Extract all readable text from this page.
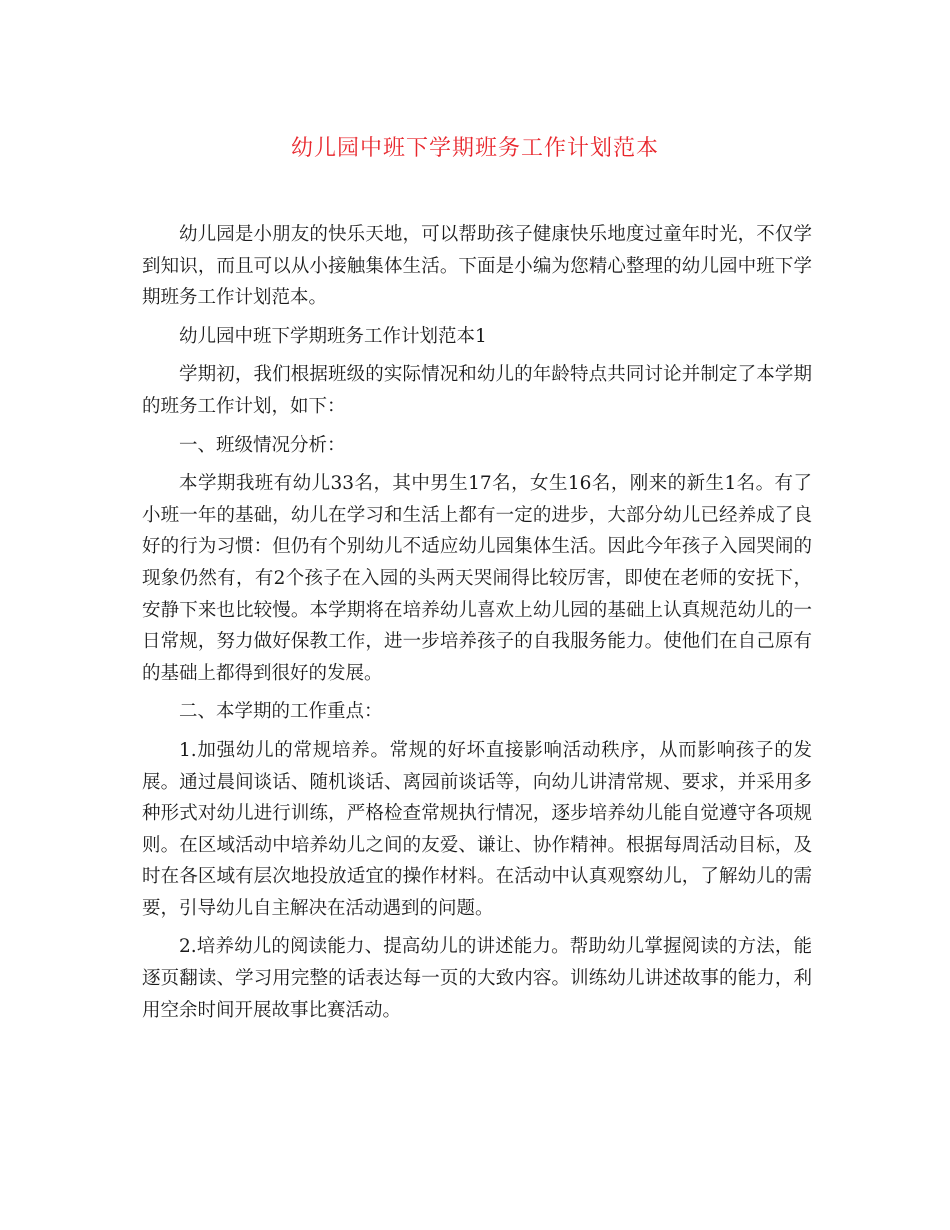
幼儿园中班下学期班务工作计划范本

幼儿园是小朋友的快乐天地，可以帮助孩子健康快乐地度过童年时光，不仅学到知识，而且可以从小接触集体生活。下面是小编为您精心整理的幼儿园中班下学期班务工作计划范本。

幼儿园中班下学期班务工作计划范本1

学期初，我们根据班级的实际情况和幼儿的年龄特点共同讨论并制定了本学期的班务工作计划，如下：

一、班级情况分析：

本学期我班有幼儿33名，其中男生17名，女生16名，刚来的新生1名。有了小班一年的基础，幼儿在学习和生活上都有一定的进步，大部分幼儿已经养成了良好的行为习惯：但仍有个别幼儿不适应幼儿园集体生活。因此今年孩子入园哭闹的现象仍然有，有2个孩子在入园的头两天哭闹得比较厉害，即使在老师的安抚下，安静下来也比较慢。本学期将在培养幼儿喜欢上幼儿园的基础上认真规范幼儿的一日常规，努力做好保教工作，进一步培养孩子的自我服务能力。使他们在自己原有的基础上都得到很好的发展。

二、本学期的工作重点：

1.加强幼儿的常规培养。常规的好坏直接影响活动秩序，从而影响孩子的发展。通过晨间谈话、随机谈话、离园前谈话等，向幼儿讲清常规、要求，并采用多种形式对幼儿进行训练，严格检查常规执行情况，逐步培养幼儿能自觉遵守各项规则。在区域活动中培养幼儿之间的友爱、谦让、协作精神。根据每周活动目标，及时在各区域有层次地投放适宜的操作材料。在活动中认真观察幼儿，了解幼儿的需要，引导幼儿自主解决在活动遇到的问题。

2.培养幼儿的阅读能力、提高幼儿的讲述能力。帮助幼儿掌握阅读的方法，能逐页翻读、学习用完整的话表达每一页的大致内容。训练幼儿讲述故事的能力，利用空余时间开展故事比赛活动。
